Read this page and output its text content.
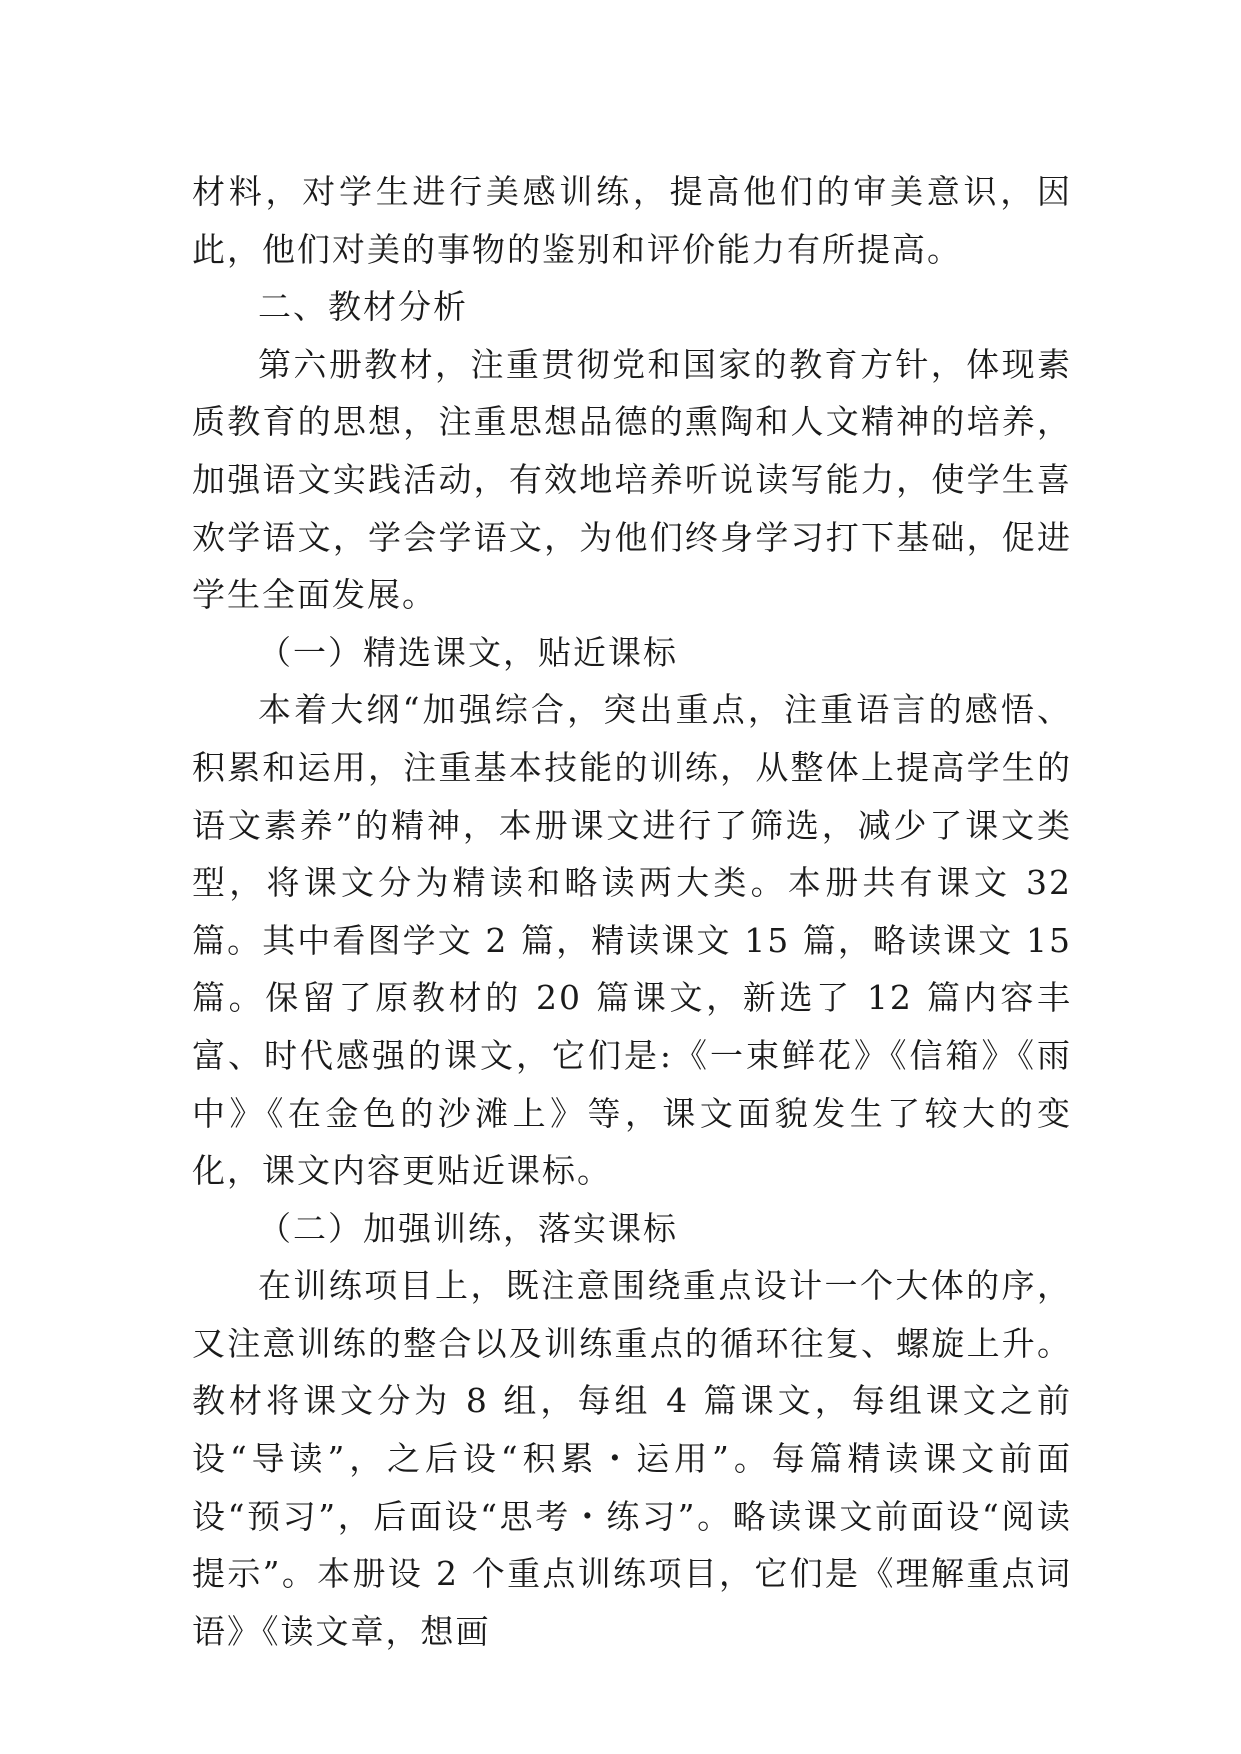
材料，对学生进行美感训练，提高他们的审美意识，因此，他们对美的事物的鉴别和评价能力有所提高。

二、教材分析

第六册教材，注重贯彻党和国家的教育方针，体现素质教育的思想，注重思想品德的熏陶和人文精神的培养，加强语文实践活动，有效地培养听说读写能力，使学生喜欢学语文，学会学语文，为他们终身学习打下基础，促进学生全面发展。

（一）精选课文，贴近课标

本着大纲“加强综合，突出重点，注重语言的感悟、积累和运用，注重基本技能的训练，从整体上提高学生的语文素养”的精神，本册课文进行了筛选，减少了课文类型，将课文分为精读和略读两大类。本册共有课文 32 篇。其中看图学文 2 篇，精读课文 15 篇，略读课文 15 篇。保留了原教材的 20 篇课文，新选了 12 篇内容丰富、时代感强的课文，它们是:《一束鲜花》《信箱》《雨中》《在金色的沙滩上》等，课文面貌发生了较大的变化，课文内容更贴近课标。

（二）加强训练，落实课标

在训练项目上，既注意围绕重点设计一个大体的序，又注意训练的整合以及训练重点的循环往复、螺旋上升。教材将课文分为 8 组，每组 4 篇课文，每组课文之前设“导读”，之后设“积累・运用”。每篇精读课文前面设“预习”，后面设“思考・练习”。略读课文前面设“阅读提示”。本册设 2 个重点训练项目，它们是《理解重点词语》《读文章，想画
